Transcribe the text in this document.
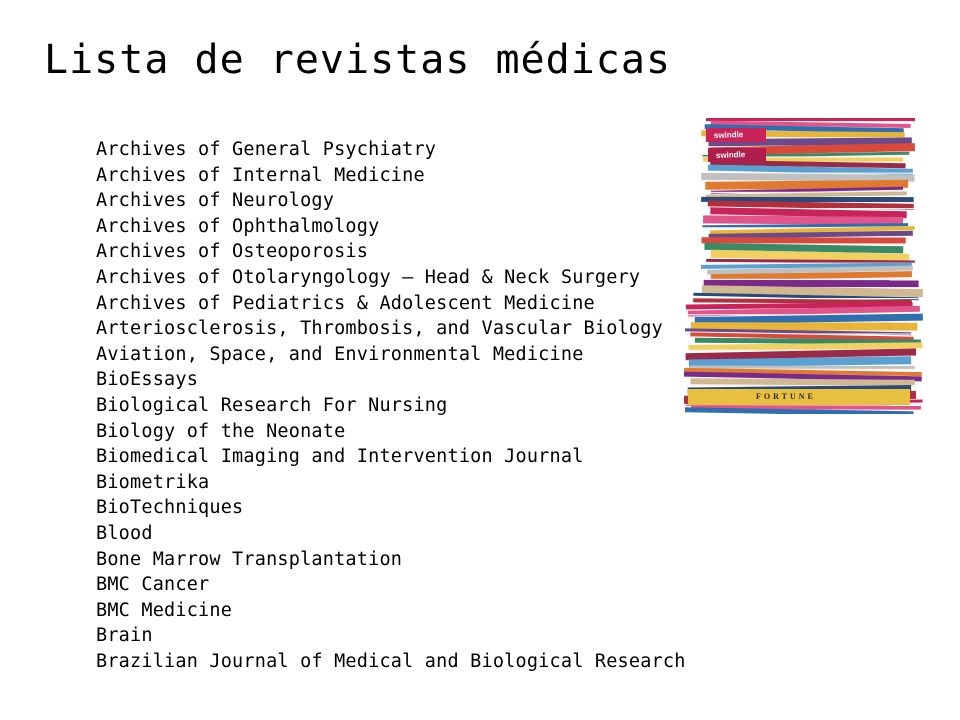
Lista de revistas médicas
Archives of General Psychiatry
Archives of Internal Medicine
Archives of Neurology
Archives of Ophthalmology
Archives of Osteoporosis
Archives of Otolaryngology – Head & Neck Surgery
Archives of Pediatrics & Adolescent Medicine
Arteriosclerosis, Thrombosis, and Vascular Biology
Aviation, Space, and Environmental Medicine
BioEssays
Biological Research For Nursing
Biology of the Neonate
Biomedical Imaging and Intervention Journal
Biometrika
BioTechniques
Blood
Bone Marrow Transplantation
BMC Cancer
BMC Medicine
Brain
Brazilian Journal of Medical and Biological Research
swindle
swindle
FORTUNE
